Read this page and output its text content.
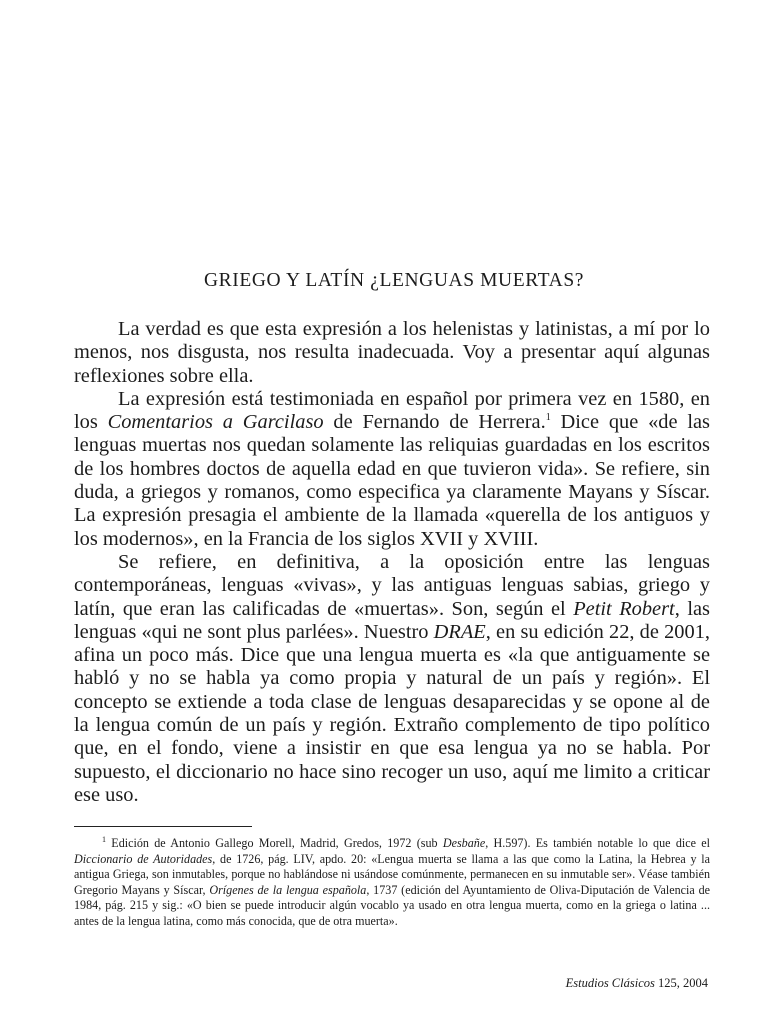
GRIEGO Y LATÍN ¿LENGUAS MUERTAS?

La verdad es que esta expresión a los helenistas y latinistas, a mí por lo menos, nos disgusta, nos resulta inadecuada. Voy a presentar aquí algunas reflexiones sobre ella.

La expresión está testimoniada en español por primera vez en 1580, en los Comentarios a Garcilaso de Fernando de Herrera.$^1$ Dice que «de las lenguas muertas nos quedan solamente las reliquias guardadas en los escritos de los hombres doctos de aquella edad en que tuvieron vida». Se refiere, sin duda, a griegos y romanos, como especifica ya claramente Mayans y Síscar. La expresión presagia el ambiente de la llamada «querella de los antiguos y los modernos», en la Francia de los siglos XVII y XVIII.

Se refiere, en definitiva, a la oposición entre las lenguas contemporáneas, lenguas «vivas», y las antiguas lenguas sabias, griego y latín, que eran las calificadas de «muertas». Son, según el Petit Robert, las lenguas «qui ne sont plus parlées». Nuestro DRAE, en su edición 22, de 2001, afina un poco más. Dice que una lengua muerta es «la que antiguamente se habló y no se habla ya como propia y natural de un país y región». El concepto se extiende a toda clase de lenguas desaparecidas y se opone al de la lengua común de un país y región. Extraño complemento de tipo político que, en el fondo, viene a insistir en que esa lengua ya no se habla. Por supuesto, el diccionario no hace sino recoger un uso, aquí me limito a criticar ese uso.

$^1$ Edición de Antonio Gallego Morell, Madrid, Gredos, 1972 (sub Desbañe, H.597). Es también notable lo que dice el Diccionario de Autoridades, de 1726, pág. LIV, apdo. 20: «Lengua muerta se llama a las que como la Latina, la Hebrea y la antigua Griega, son inmutables, porque no hablándose ni usándose comúnmente, permanecen en su inmutable ser». Véase también Gregorio Mayans y Síscar, Orígenes de la lengua española, 1737 (edición del Ayuntamiento de Oliva-Diputación de Valencia de 1984, pág. 215 y sig.: «O bien se puede introducir algún vocablo ya usado en otra lengua muerta, como en la griega o latina ... antes de la lengua latina, como más conocida, que de otra muerta».

Estudios Clásicos 125, 2004
